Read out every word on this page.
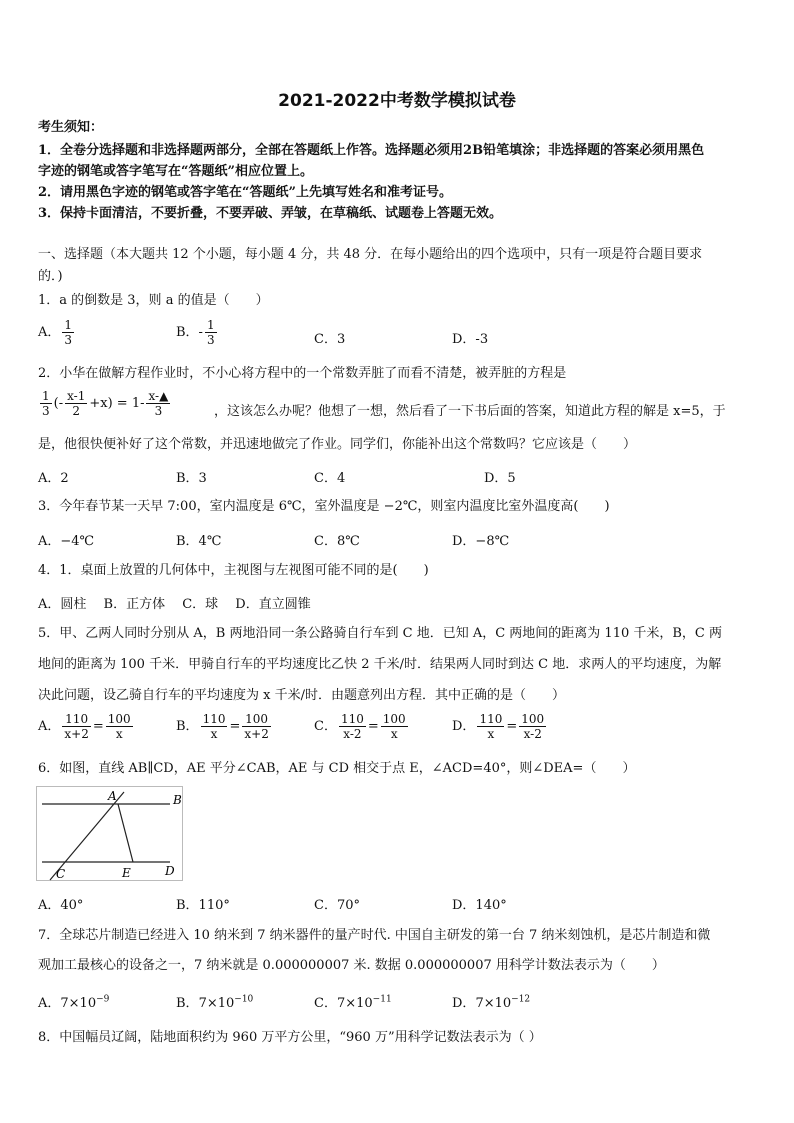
2021-2022中考数学模拟试卷
考生须知：
1．全卷分选择题和非选择题两部分，全部在答题纸上作答。选择题必须用2B铅笔填涂；非选择题的答案必须用黑色
字迹的钢笔或答字笔写在“答题纸”相应位置上。
2．请用黑色字迹的钢笔或答字笔在“答题纸”上先填写姓名和准考证号。
3．保持卡面清洁，不要折叠，不要弄破、弄皱，在草稿纸、试题卷上答题无效。
一、选择题（本大题共 12 个小题，每小题 4 分，共 48 分．在每小题给出的四个选项中，只有一项是符合题目要求
的．)
1．a 的倒数是 3，则 a 的值是（　　）
A． $\frac{1}{3}$	B．- $\frac{1}{3}$	C．3	D．-3
2．小华在做解方程作业时，不小心将方程中的一个常数弄脏了而看不清楚，被弄脏的方程是
$\frac{1}{3}$ (- $\frac{x-1}{2} +x) = 1- \frac{x-▲}{3}$	，这该怎么办呢？他想了一想，然后看了一下书后面的答案，知道此方程的解是 x=5，于
是，他很快便补好了这个常数，并迅速地做完了作业。同学们，你能补出这个常数吗？它应该是（　　）
A．2	B．3	C．4	D．5
3．今年春节某一天早 7:00，室内温度是 6℃，室外温度是 −2℃，则室内温度比室外温度高(　　)
A．−4℃	B．4℃	C．8℃	D．−8℃
4．1．桌面上放置的几何体中，主视图与左视图可能不同的是(　　)
A．圆柱　 B．正方体　 C．球　 D．直立圆锥
5．甲、乙两人同时分别从 A，B 两地沿同一条公路骑自行车到 C 地．已知 A，C 两地间的距离为 110 千米，B，C 两
地间的距离为 100 千米．甲骑自行车的平均速度比乙快 2 千米/时．结果两人同时到达 C 地．求两人的平均速度，为解
决此问题，设乙骑自行车的平均速度为 x 千米/时．由题意列出方程．其中正确的是（　　）
A． $\frac{110}{x+2} = \frac{100}{x}$	B． $\frac{110}{x} = \frac{100}{x+2}$	C． $\frac{110}{x-2} = \frac{100}{x}$	D． $\frac{110}{x} = \frac{100}{x-2}$
6．如图，直线 AB∥CD，AE 平分∠CAB，AE 与 CD 相交于点 E，∠ACD=40°，则∠DEA=（　　）
A	B
C	E	D
A．40°	B．110°	C．70°	D．140°
7．全球芯片制造已经进入 10 纳米到 7 纳米器件的量产时代. 中国自主研发的第一台 7 纳米刻蚀机，是芯片制造和微
观加工最核心的设备之一，7 纳米就是 0.000000007 米. 数据 0.000000007 用科学计数法表示为（　　）
A．$7\times 10^{-9}$	B．$7\times 10^{-10}$	C．$7\times 10^{-11}$	D．$7\times 10^{-12}$
8．中国幅员辽阔，陆地面积约为 960 万平方公里，“960 万”用科学记数法表示为（ ）
